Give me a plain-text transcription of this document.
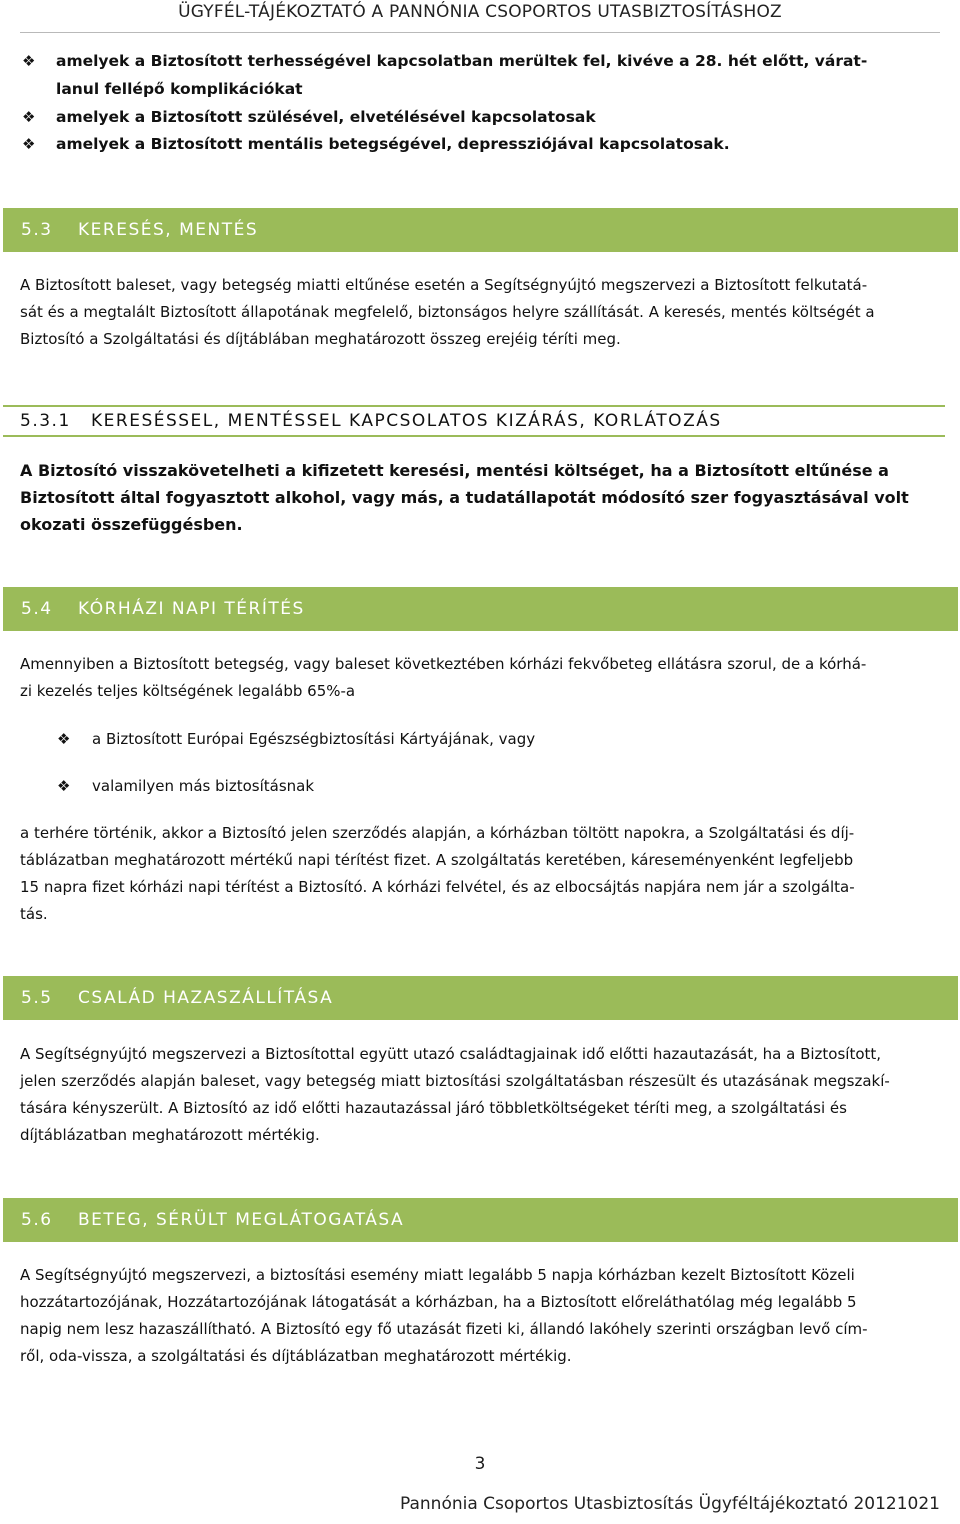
ÜGYFÉL-TÁJÉKOZTATÓ A PANNÓNIA CSOPORTOS UTASBIZTOSÍTÁSHOZ
❖ amelyek a Biztosított terhességével kapcsolatban merültek fel, kivéve a 28. hét előtt, várat-
lanul fellépő komplikációkat
❖ amelyek a Biztosított szülésével, elvetélésével kapcsolatosak
❖ amelyek a Biztosított mentális betegségével, depressziójával kapcsolatosak.
5.3	KERESÉS, MENTÉS
A Biztosított baleset, vagy betegség miatti eltűnése esetén a Segítségnyújtó megszervezi a Biztosított felkutatá-
sát és a megtalált Biztosított állapotának megfelelő, biztonságos helyre szállítását. A keresés, mentés költségét a
Biztosító a Szolgáltatási és díjtáblában meghatározott összeg erejéig téríti meg.
5.3.1	KERESÉSSEL, MENTÉSSEL KAPCSOLATOS KIZÁRÁS, KORLÁTOZÁS
A Biztosító visszakövetelheti a kifizetett keresési, mentési költséget, ha a Biztosított eltűnése a
Biztosított által fogyasztott alkohol, vagy más, a tudatállapotát módosító szer fogyasztásával volt
okozati összefüggésben.
5.4	KÓRHÁZI NAPI TÉRÍTÉS
Amennyiben a Biztosított betegség, vagy baleset következtében kórházi fekvőbeteg ellátásra szorul, de a kórhá-
zi kezelés teljes költségének legalább 65%-a
❖ a Biztosított Európai Egészségbiztosítási Kártyájának, vagy
❖ valamilyen más biztosításnak
a terhére történik, akkor a Biztosító jelen szerződés alapján, a kórházban töltött napokra, a Szolgáltatási és díj-
táblázatban meghatározott mértékű napi térítést fizet. A szolgáltatás keretében, káreseményenként legfeljebb
15 napra fizet kórházi napi térítést a Biztosító. A kórházi felvétel, és az elbocsájtás napjára nem jár a szolgálta-
tás.
5.5	CSALÁD HAZASZÁLLÍTÁSA
A Segítségnyújtó megszervezi a Biztosítottal együtt utazó családtagjainak idő előtti hazautazását, ha a Biztosított,
jelen szerződés alapján baleset, vagy betegség miatt biztosítási szolgáltatásban részesült és utazásának megszakí-
tására kényszerült. A Biztosító az idő előtti hazautazással járó többletköltségeket téríti meg, a szolgáltatási és
díjtáblázatban meghatározott mértékig.
5.6	BETEG, SÉRÜLT MEGLÁTOGATÁSA
A Segítségnyújtó megszervezi, a biztosítási esemény miatt legalább 5 napja kórházban kezelt Biztosított Közeli
hozzátartozójának, Hozzátartozójának látogatását a kórházban, ha a Biztosított előreláthatólag még legalább 5
napig nem lesz hazaszállítható. A Biztosító egy fő utazását fizeti ki, állandó lakóhely szerinti országban levő cím-
ről, oda-vissza, a szolgáltatási és díjtáblázatban meghatározott mértékig.
3
Pannónia Csoportos Utasbiztosítás Ügyféltájékoztató 20121021
